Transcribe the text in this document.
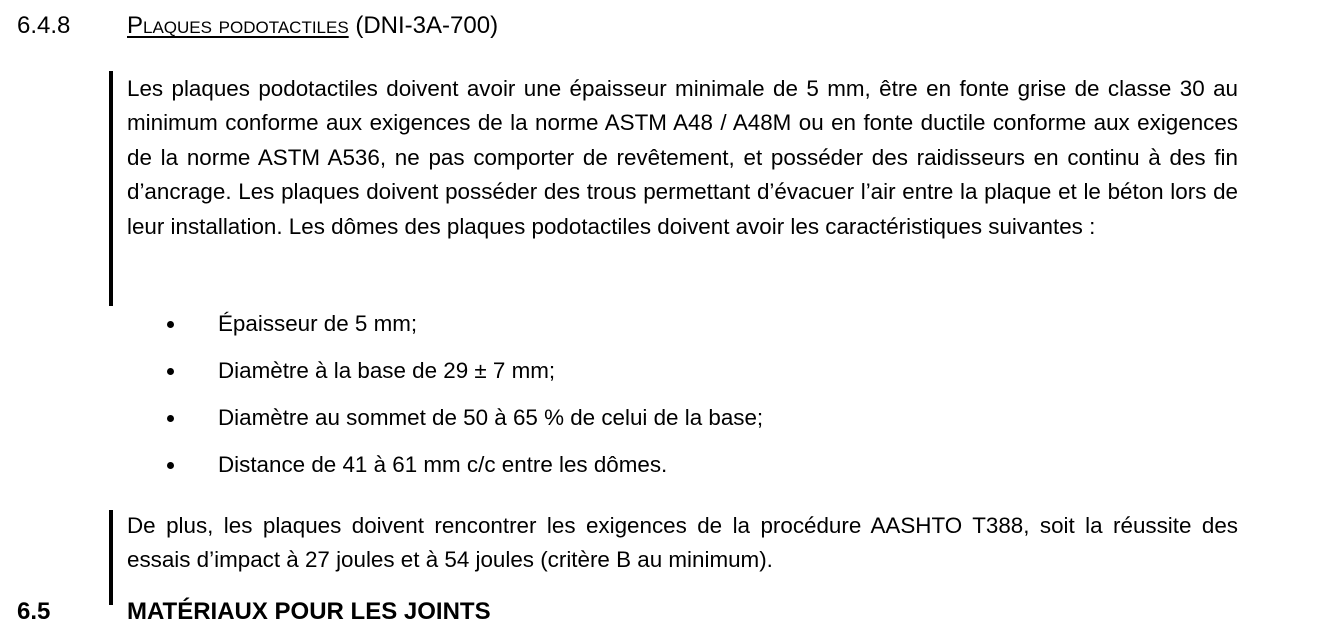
6.4.8 Plaques podotactiles (DNI-3A-700)

Les plaques podotactiles doivent avoir une épaisseur minimale de 5 mm, être en fonte grise de classe 30 au minimum conforme aux exigences de la norme ASTM A48 / A48M ou en fonte ductile conforme aux exigences de la norme ASTM A536, ne pas comporter de revêtement, et posséder des raidisseurs en continu à des fin d’ancrage. Les plaques doivent posséder des trous permettant d’évacuer l’air entre la plaque et le béton lors de leur installation. Les dômes des plaques podotactiles doivent avoir les caractéristiques suivantes :

Épaisseur de 5 mm;
Diamètre à la base de 29 ± 7 mm;
Diamètre au sommet de 50 à 65 % de celui de la base;
Distance de 41 à 61 mm c/c entre les dômes.

De plus, les plaques doivent rencontrer les exigences de la procédure AASHTO T388, soit la réussite des essais d’impact à 27 joules et à 54 joules (critère B au minimum).

6.5	MATÉRIAUX POUR LES JOINTS
